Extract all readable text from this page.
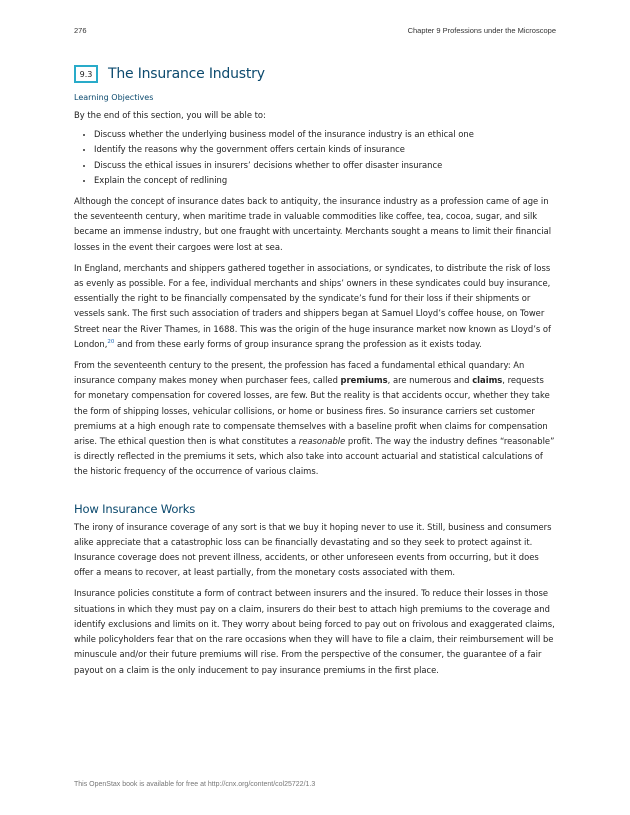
276	Chapter 9 Professions under the Microscope
9.3	The Insurance Industry
Learning Objectives

By the end of this section, you will be able to:

• Discuss whether the underlying business model of the insurance industry is an ethical one
• Identify the reasons why the government offers certain kinds of insurance
• Discuss the ethical issues in insurers’ decisions whether to offer disaster insurance
• Explain the concept of redlining

Although the concept of insurance dates back to antiquity, the insurance industry as a profession came of age in the seventeenth century, when maritime trade in valuable commodities like coffee, tea, cocoa, sugar, and silk became an immense industry, but one fraught with uncertainty. Merchants sought a means to limit their financial losses in the event their cargoes were lost at sea.

In England, merchants and shippers gathered together in associations, or syndicates, to distribute the risk of loss as evenly as possible. For a fee, individual merchants and ships’ owners in these syndicates could buy insurance, essentially the right to be financially compensated by the syndicate’s fund for their loss if their shipments or vessels sank. The first such association of traders and shippers began at Samuel Lloyd’s coffee house, on Tower Street near the River Thames, in 1688. This was the origin of the huge insurance market now known as Lloyd’s of London,$^{20}$ and from these early forms of group insurance sprang the profession as it exists today.

From the seventeenth century to the present, the profession has faced a fundamental ethical quandary: An insurance company makes money when purchaser fees, called premiums, are numerous and claims, requests for monetary compensation for covered losses, are few. But the reality is that accidents occur, whether they take the form of shipping losses, vehicular collisions, or home or business fires. So insurance carriers set customer premiums at a high enough rate to compensate themselves with a baseline profit when claims for compensation arise. The ethical question then is what constitutes a reasonable profit. The way the industry defines “reasonable” is directly reflected in the premiums it sets, which also take into account actuarial and statistical calculations of the historic frequency of the occurrence of various claims.

How Insurance Works

The irony of insurance coverage of any sort is that we buy it hoping never to use it. Still, business and consumers alike appreciate that a catastrophic loss can be financially devastating and so they seek to protect against it. Insurance coverage does not prevent illness, accidents, or other unforeseen events from occurring, but it does offer a means to recover, at least partially, from the monetary costs associated with them.

Insurance policies constitute a form of contract between insurers and the insured. To reduce their losses in those situations in which they must pay on a claim, insurers do their best to attach high premiums to the coverage and identify exclusions and limits on it. They worry about being forced to pay out on frivolous and exaggerated claims, while policyholders fear that on the rare occasions when they will have to file a claim, their reimbursement will be minuscule and/or their future premiums will rise. From the perspective of the consumer, the guarantee of a fair payout on a claim is the only inducement to pay insurance premiums in the first place.

This OpenStax book is available for free at http://cnx.org/content/col25722/1.3
